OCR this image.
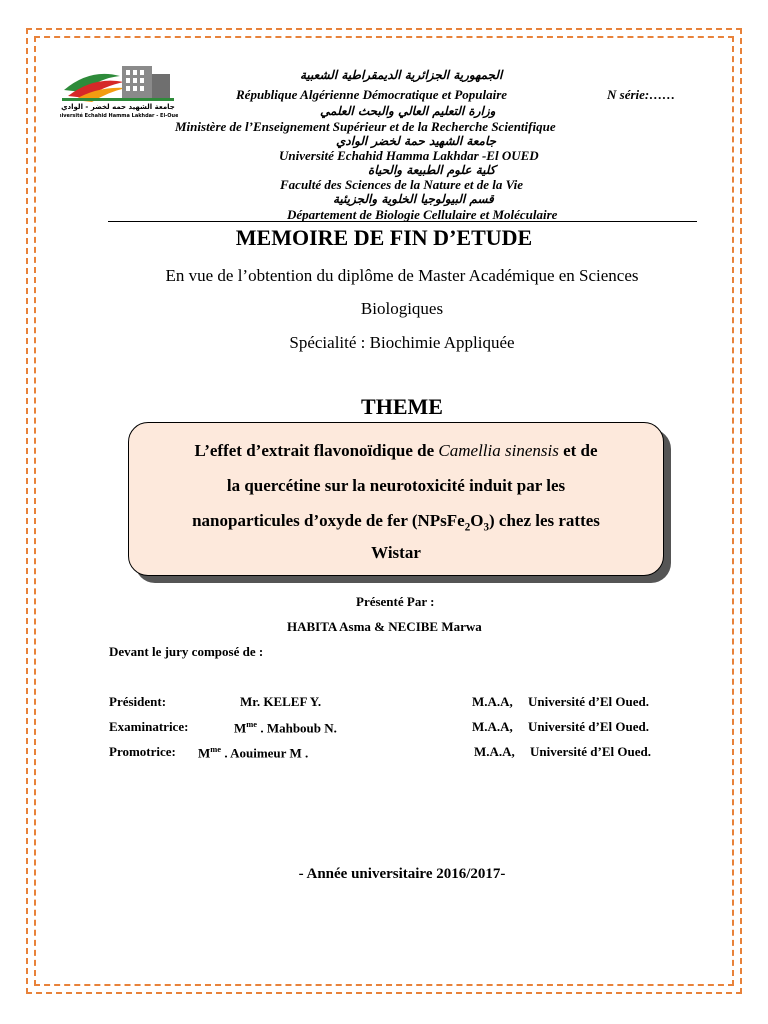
جامعة الشهيد حمه لخضر - الوادي
Université Echahid Hamma Lakhdar - El-Oued
الجمهورية الجزائرية الديمقراطية الشعبية
République Algérienne Démocratique et Populaire	N série:……
وزارة التعليم العالي والبحث العلمي
Ministère de l’Enseignement Supérieur et de la Recherche Scientifique
جامعة الشهيد حمة لخضر الوادي
Université Echahid Hamma Lakhdar -El OUED
كلية علوم الطبيعة والحياة
Faculté des Sciences de la Nature et de la Vie
قسم البيولوجيا الخلوية والجزيئية
Département de Biologie Cellulaire et Moléculaire
MEMOIRE DE FIN D’ETUDE
En vue de l’obtention du diplôme de Master Académique en Sciences
Biologiques
Spécialité : Biochimie Appliquée
THEME
L’effet d’extrait flavonoïdique de Camellia sinensis et de
la quercétine sur la neurotoxicité induit par les
nanoparticules d’oxyde de fer $(NPsFe_2O_3)$ chez les rattes
Wistar
Présenté Par :
HABITA Asma & NECIBE Marwa
Devant le jury composé de :
Président:	Mr. KELEF Y.	M.A.A, Université d’El Oued.
Examinatrice:	$M^{me}$ . Mahboub N.	M.A.A, Université d’El Oued.
Promotrice: $M^{me}$ . Aouimeur M .	M.A.A, Université d’El Oued.
- Année universitaire 2016/2017-
